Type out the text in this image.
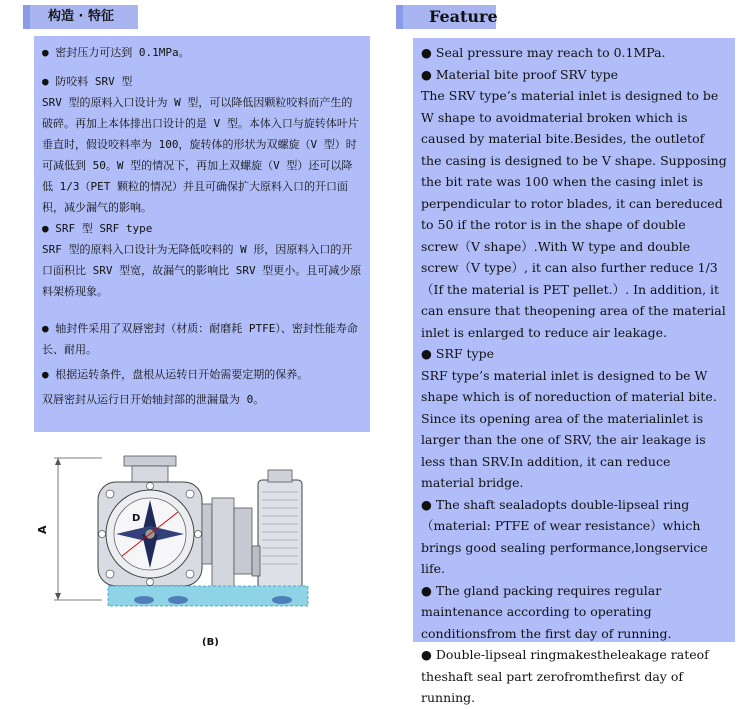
构造 · 特征	Feature

● 密封压力可达到 0.1MPa。

● 防咬料 SRV 型

SRV 型的原料入口设计为 W 型，可以降低因颗粒咬料而产生的破碎。再加上本体排出口设计的是 V 型。本体入口与旋转体叶片垂直时，假设咬料率为 100，旋转体的形状为双螺旋（V 型）时可减低到 50。W 型的情况下，再加上双螺旋（V 型）还可以降低 1/3（PET 颗粒的情况）并且可确保扩大原料入口的开口面积，减少漏气的影响。

● SRF 型 SRF type

SRF 型的原料入口设计为无降低咬料的 W 形，因原料入口的开口面积比 SRV 型宽，故漏气的影响比 SRV 型更小。且可减少原料架桥现象。

● 轴封件采用了双唇密封（材质：耐磨耗 PTFE）、密封性能寿命长、耐用。

● 根据运转条件，盘根从运转日开始需要定期的保养。

双唇密封从运行日开始轴封部的泄漏量为 0。

● Seal pressure may reach to 0.1MPa.

● Material bite proof SRV type

The SRV type’s material inlet is designed to be W shape to avoidmaterial broken which is caused by material bite.Besides, the outletof the casing is designed to be V shape. Supposing the bit rate was 100 when the casing inlet is perpendicular to rotor blades, it can bereduced to 50 if the rotor is in the shape of double screw（V shape）.With W type and double screw（V type）, it can also further reduce 1/3（If the material is PET pellet.）. In addition, it can ensure that theopening area of the material inlet is enlarged to reduce air leakage.

● SRF type

SRF type’s material inlet is designed to be W shape which is of noreduction of material bite. Since its opening area of the materialinlet is larger than the one of SRV, the air leakage is less than SRV.In addition, it can reduce material bridge.

● The shaft sealadopts double-lipseal ring（material: PTFE of wear resistance）which brings good sealing performance,longservice life.

● The gland packing requires regular maintenance according to operating conditionsfrom the first day of running.

● Double-lipseal ringmakestheleakage rateof theshaft seal part zerofromthefirst day of running.

A
D
(B)
